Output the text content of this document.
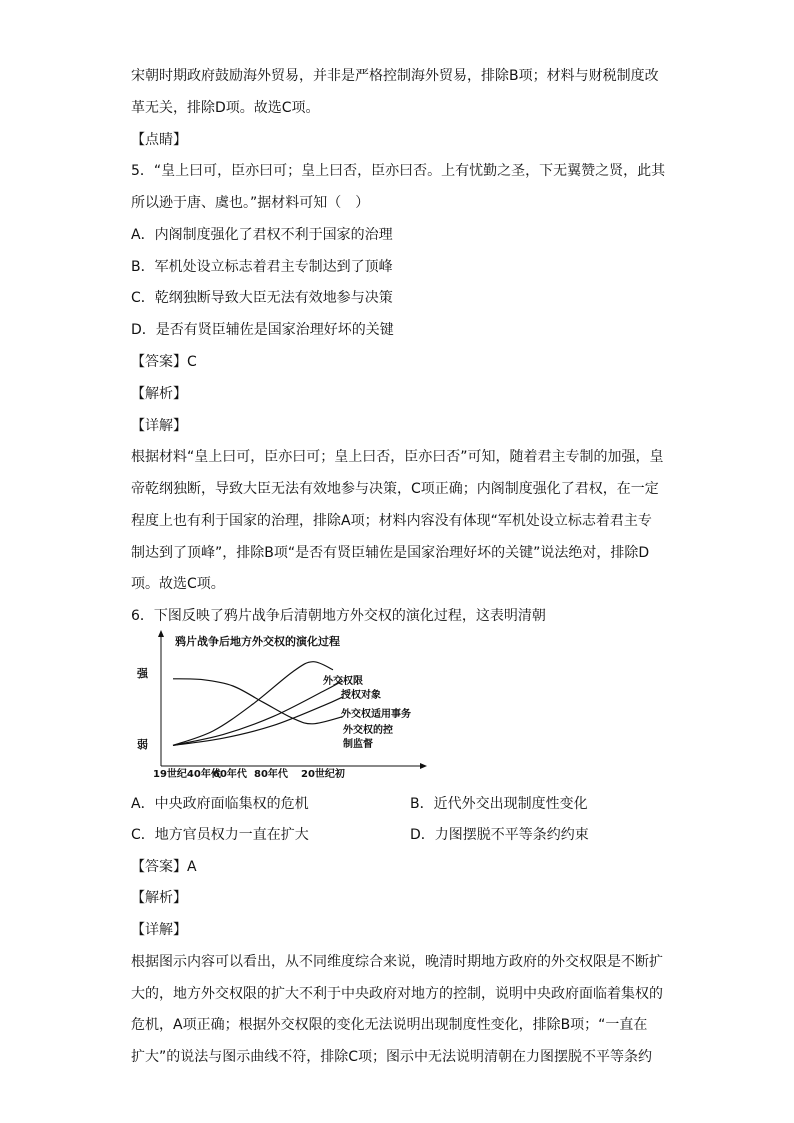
宋朝时期政府鼓励海外贸易，并非是严格控制海外贸易，排除B项；材料与财税制度改
革无关，排除D项。故选C项。
【点睛】
5．“皇上曰可，臣亦曰可；皇上曰否，臣亦曰否。上有忧勤之圣，下无翼赞之贤，此其
所以逊于唐、虞也。”据材料可知（　）
A．内阁制度强化了君权不利于国家的治理
B．军机处设立标志着君主专制达到了顶峰
C．乾纲独断导致大臣无法有效地参与决策
D．是否有贤臣辅佐是国家治理好坏的关键
【答案】C
【解析】
【详解】
根据材料“皇上曰可，臣亦曰可；皇上曰否，臣亦曰否”可知，随着君主专制的加强，皇
帝乾纲独断，导致大臣无法有效地参与决策，C项正确；内阁制度强化了君权，在一定
程度上也有利于国家的治理，排除A项；材料内容没有体现“军机处设立标志着君主专
制达到了顶峰”，排除B项“是否有贤臣辅佐是国家治理好坏的关键”说法绝对，排除D
项。故选C项。
6．下图反映了鸦片战争后清朝地方外交权的演化过程，这表明清朝
鸦片战争后地方外交权的演化过程
强
弱
外交权限
授权对象
外交权适用事务
外交权的控
制监督
19世纪40年代
60年代 80年代 20世纪初
A．中央政府面临集权的危机	B．近代外交出现制度性变化
C．地方官员权力一直在扩大	D．力图摆脱不平等条约约束
【答案】A
【解析】
【详解】
根据图示内容可以看出，从不同维度综合来说，晚清时期地方政府的外交权限是不断扩
大的，地方外交权限的扩大不利于中央政府对地方的控制，说明中央政府面临着集权的
危机，A项正确；根据外交权限的变化无法说明出现制度性变化，排除B项；“一直在
扩大”的说法与图示曲线不符，排除C项；图示中无法说明清朝在力图摆脱不平等条约
